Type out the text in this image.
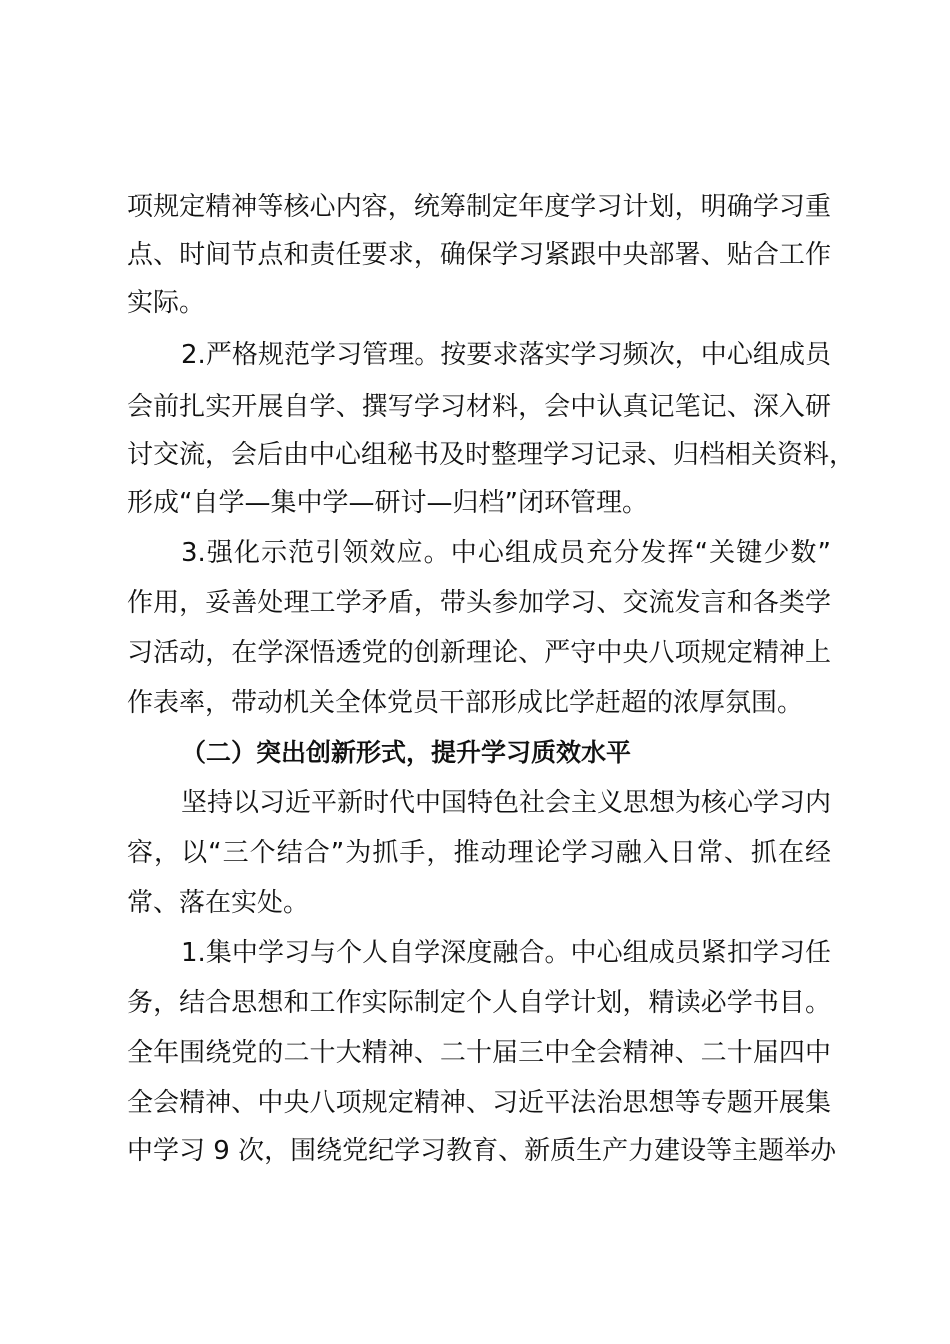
项规定精神等核心内容，统筹制定年度学习计划，明确学习重
点、时间节点和责任要求，确保学习紧跟中央部署、贴合工作
实际。
2.严格规范学习管理。按要求落实学习频次，中心组成员
会前扎实开展自学、撰写学习材料，会中认真记笔记、深入研
讨交流，会后由中心组秘书及时整理学习记录、归档相关资料，
形成“自学—集中学—研讨—归档”闭环管理。
3.强化示范引领效应。中心组成员充分发挥“关键少数”
作用，妥善处理工学矛盾，带头参加学习、交流发言和各类学
习活动，在学深悟透党的创新理论、严守中央八项规定精神上
作表率，带动机关全体党员干部形成比学赶超的浓厚氛围。
（二）突出创新形式，提升学习质效水平
坚持以习近平新时代中国特色社会主义思想为核心学习内
容，以“三个结合”为抓手，推动理论学习融入日常、抓在经
常、落在实处。
1.集中学习与个人自学深度融合。中心组成员紧扣学习任
务，结合思想和工作实际制定个人自学计划，精读必学书目。
全年围绕党的二十大精神、二十届三中全会精神、二十届四中
全会精神、中央八项规定精神、习近平法治思想等专题开展集
中学习 9 次，围绕党纪学习教育、新质生产力建设等主题举办
